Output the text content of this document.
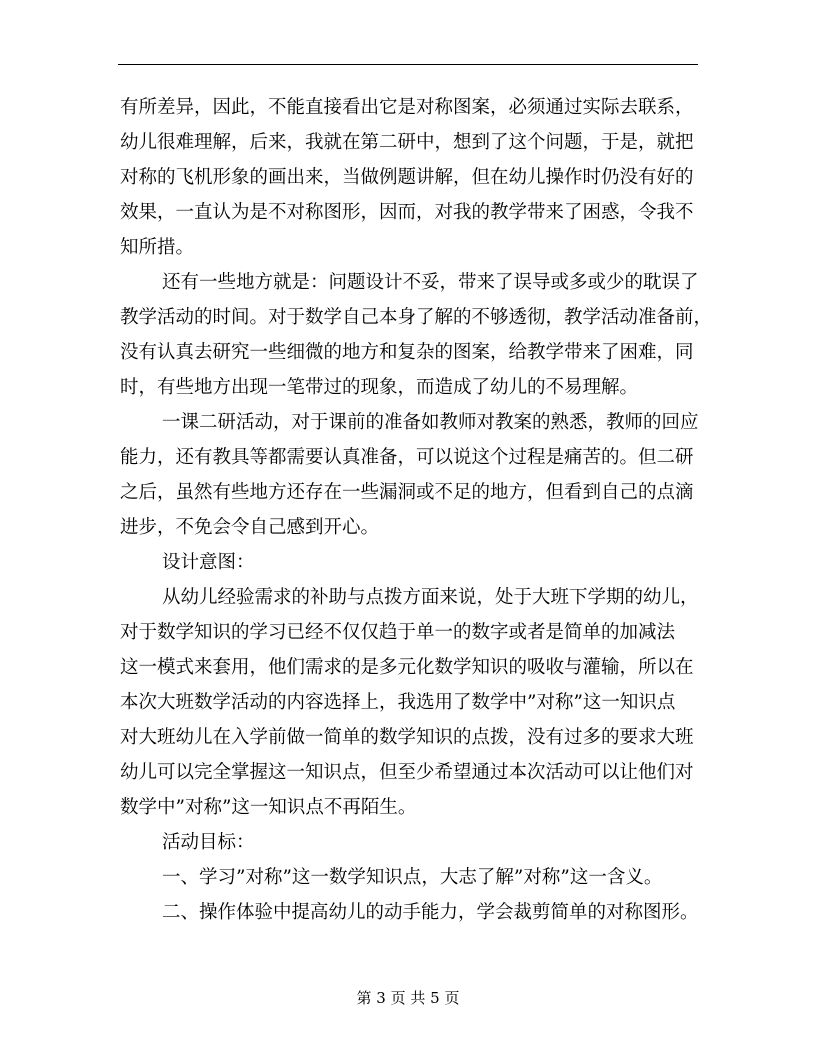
有所差异，因此，不能直接看出它是对称图案，必须通过实际去联系，
幼儿很难理解，后来，我就在第二研中，想到了这个问题，于是，就把
对称的飞机形象的画出来，当做例题讲解，但在幼儿操作时仍没有好的
效果，一直认为是不对称图形，因而，对我的教学带来了困惑，令我不
知所措。
还有一些地方就是：问题设计不妥，带来了误导或多或少的耽误了
教学活动的时间。对于数学自己本身了解的不够透彻，教学活动准备前，
没有认真去研究一些细微的地方和复杂的图案，给教学带来了困难，同
时，有些地方出现一笔带过的现象，而造成了幼儿的不易理解。
一课二研活动，对于课前的准备如教师对教案的熟悉，教师的回应
能力，还有教具等都需要认真准备，可以说这个过程是痛苦的。但二研
之后，虽然有些地方还存在一些漏洞或不足的地方，但看到自己的点滴
进步，不免会令自己感到开心。
设计意图：
从幼儿经验需求的补助与点拨方面来说，处于大班下学期的幼儿，
对于数学知识的学习已经不仅仅趋于单一的数字或者是简单的加减法
这一模式来套用，他们需求的是多元化数学知识的吸收与灌输，所以在
本次大班数学活动的内容选择上，我选用了数学中”对称”这一知识点
对大班幼儿在入学前做一简单的数学知识的点拨，没有过多的要求大班
幼儿可以完全掌握这一知识点，但至少希望通过本次活动可以让他们对
数学中”对称”这一知识点不再陌生。
活动目标：
一、学习”对称”这一数学知识点，大志了解”对称”这一含义。
二、操作体验中提高幼儿的动手能力，学会裁剪简单的对称图形。
第 3 页 共 5 页
